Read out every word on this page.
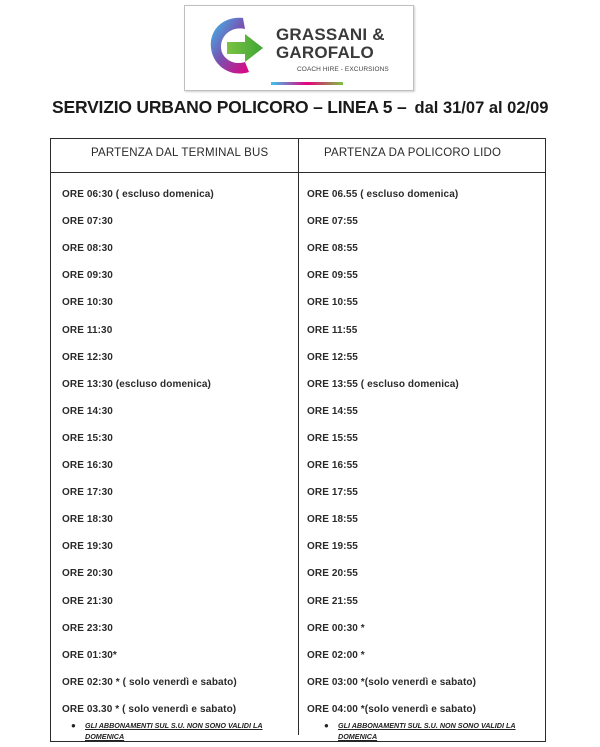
GRASSANI &
GAROFALO
COACH HIRE - EXCURSIONS
SERVIZIO URBANO POLICORO – LINEA 5 – dal 31/07 al 02/09
PARTENZA DAL TERMINAL BUS	PARTENZA DA POLICORO LIDO
ORE 06:30 ( escluso domenica)	ORE 06.55 ( escluso domenica)
ORE 07:30	ORE 07:55
ORE 08:30	ORE 08:55
ORE 09:30	ORE 09:55
ORE 10:30	ORE 10:55
ORE 11:30	ORE 11:55
ORE 12:30	ORE 12:55
ORE 13:30 (escluso domenica)	ORE 13:55 ( escluso domenica)
ORE 14:30	ORE 14:55
ORE 15:30	ORE 15:55
ORE 16:30	ORE 16:55
ORE 17:30	ORE 17:55
ORE 18:30	ORE 18:55
ORE 19:30	ORE 19:55
ORE 20:30	ORE 20:55
ORE 21:30	ORE 21:55
ORE 23:30	ORE 00:30 *
ORE 01:30*	ORE 02:00 *
ORE 02:30 * ( solo venerdì e sabato)	ORE 03:00 *(solo venerdì e sabato)
ORE 03.30 * ( solo venerdì e sabato)	ORE 04:00 *(solo venerdì e sabato)
● GLI ABBONAMENTI SUL S.U. NON SONO VALIDI LA DOMENICA
● GLI ABBONAMENTI SUL S.U. NON SONO VALIDI LA DOMENICA
